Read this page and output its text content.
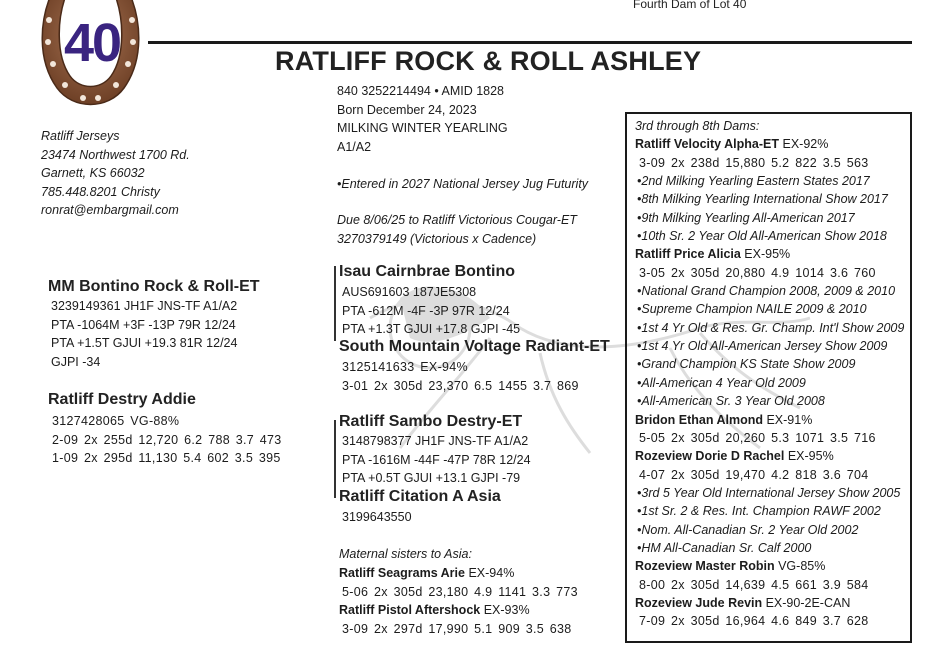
40
Fourth Dam of Lot 40
RATLIFF ROCK & ROLL ASHLEY
Ratliff Jerseys
23474 Northwest 1700 Rd.
Garnett, KS 66032
785.448.8201 Christy
ronrat@embargmail.com
840 3252214494 • AMID 1828
Born December 24, 2023
MILKING WINTER YEARLING
A1/A2
•Entered in 2027 National Jersey Jug Futurity
Due 8/06/25 to Ratliff Victorious Cougar-ET
3270379149 (Victorious x Cadence)
MM Bontino Rock & Roll-ET
3239149361 JH1F JNS-TF A1/A2
PTA -1064M +3F -13P 79R 12/24
PTA +1.5T GJUI +19.3 81R 12/24
GJPI -34
Ratliff Destry Addie
3127428065 VG-88%
2-09 2x 255d 12,720 6.2 788 3.7 473
1-09 2x 295d 11,130 5.4 602 3.5 395
Isau Cairnbrae Bontino
AUS691603 187JE5308
PTA -612M -4F -3P 97R 12/24
PTA +1.3T GJUI +17.8 GJPI -45
South Mountain Voltage Radiant-ET
3125141633 EX-94%
3-01 2x 305d 23,370 6.5 1455 3.7 869
Ratliff Sambo Destry-ET
3148798377 JH1F JNS-TF A1/A2
PTA -1616M -44F -47P 78R 12/24
PTA +0.5T GJUI +13.1 GJPI -79
Ratliff Citation A Asia
3199643550
Maternal sisters to Asia:
Ratliff Seagrams Arie EX-94%
5-06 2x 305d 23,180 4.9 1141 3.3 773
Ratliff Pistol Aftershock EX-93%
3-09 2x 297d 17,990 5.1 909 3.5 638
3rd through 8th Dams:
Ratliff Velocity Alpha-ET EX-92%
3-09 2x 238d 15,880 5.2 822 3.5 563
•2nd Milking Yearling Eastern States 2017
•8th Milking Yearling International Show 2017
•9th Milking Yearling All-American 2017
•10th Sr. 2 Year Old All-American Show 2018
Ratliff Price Alicia EX-95%
3-05 2x 305d 20,880 4.9 1014 3.6 760
•National Grand Champion 2008, 2009 & 2010
•Supreme Champion NAILE 2009 & 2010
•1st 4 Yr Old & Res. Gr. Champ. Int'l Show 2009
•1st 4 Yr Old All-American Jersey Show 2009
•Grand Champion KS State Show 2009
•All-American 4 Year Old 2009
•All-American Sr. 3 Year Old 2008
Bridon Ethan Almond EX-91%
5-05 2x 305d 20,260 5.3 1071 3.5 716
Rozeview Dorie D Rachel EX-95%
4-07 2x 305d 19,470 4.2 818 3.6 704
•3rd 5 Year Old International Jersey Show 2005
•1st Sr. 2 & Res. Int. Champion RAWF 2002
•Nom. All-Canadian Sr. 2 Year Old 2002
•HM All-Canadian Sr. Calf 2000
Rozeview Master Robin VG-85%
8-00 2x 305d 14,639 4.5 661 3.9 584
Rozeview Jude Revin EX-90-2E-CAN
7-09 2x 305d 16,964 4.6 849 3.7 628
